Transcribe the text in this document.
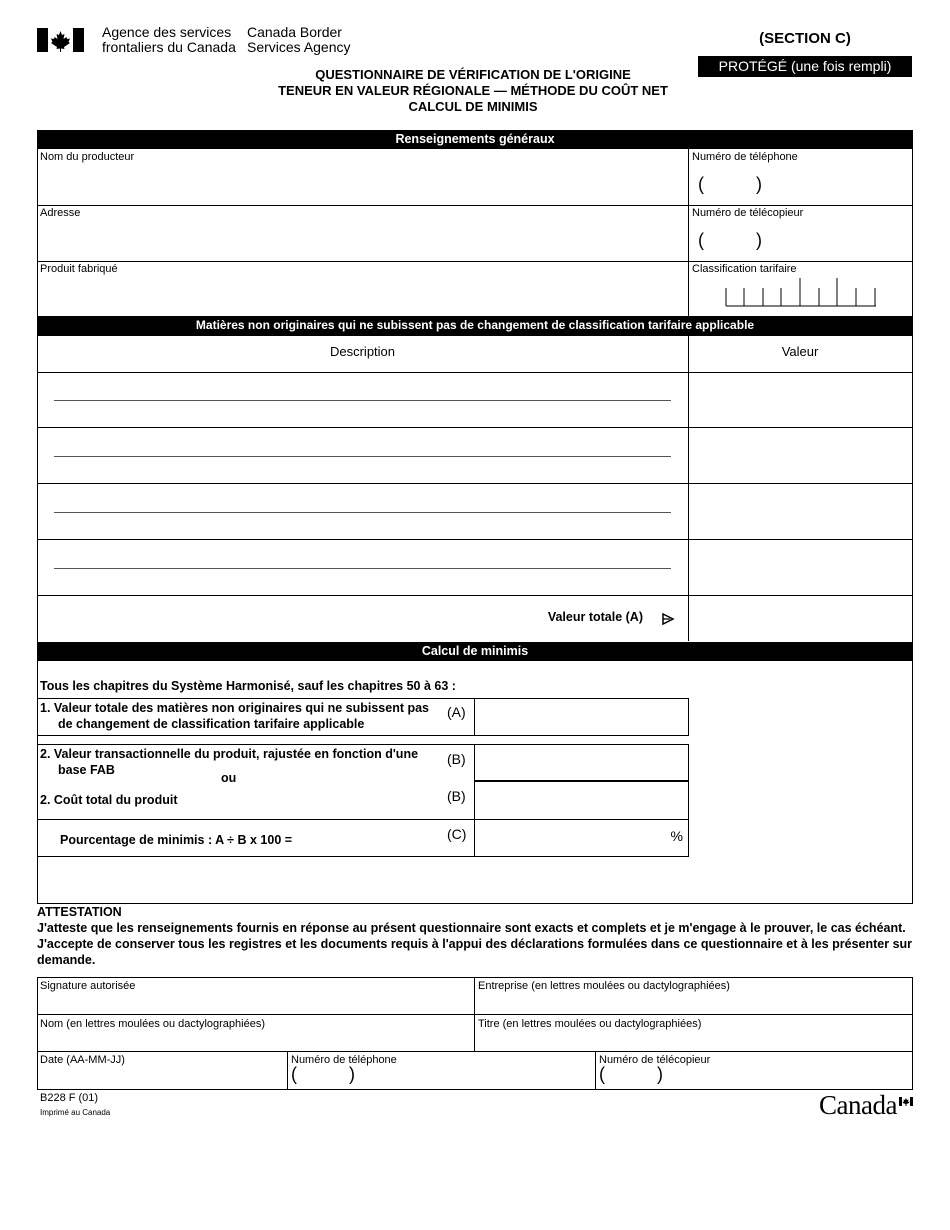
Agence des services
frontaliers du Canada
Canada Border
Services Agency	(SECTION C)
PROTÉGÉ (une fois rempli)
QUESTIONNAIRE DE VÉRIFICATION DE L'ORIGINE
TENEUR EN VALEUR RÉGIONALE — MÉTHODE DU COÛT NET
CALCUL DE MINIMIS
Renseignements généraux
Nom du producteur	Numéro de téléphone
(	)
Adresse	Numéro de télécopieur
(	)
Produit fabriqué	Classification tarifaire
Matières non originaires qui ne subissent pas de changement de classification tarifaire applicable
Description	Valeur
Valeur totale (A)
Calcul de minimis
Tous les chapitres du Système Harmonisé, sauf les chapitres 50 à 63 :
1. Valeur totale des matières non originaires qui ne subissent pas
de changement de classification tarifaire applicable
(A)
2. Valeur transactionnelle du produit, rajustée en fonction d'une
base FAB
(B)
ou
2. Coût total du produit	(B)
Pourcentage de minimis : A ÷ B x 100 =	(C)	%
ATTESTATION
J'atteste que les renseignements fournis en réponse au présent questionnaire sont exacts et complets et je m'engage à le prouver, le cas échéant. J'accepte de conserver tous les registres et les documents requis à l'appui des déclarations formulées dans ce questionnaire et à les présenter sur demande.
Signature autorisée	Entreprise (en lettres moulées ou dactylographiées)
Nom (en lettres moulées ou dactylographiées)	Titre (en lettres moulées ou dactylographiées)
Date (AA-MM-JJ)	Numéro de téléphone
(	)
Numéro de télécopieur
(	)
B228 F (01)
Imprimé au Canada	Canada
